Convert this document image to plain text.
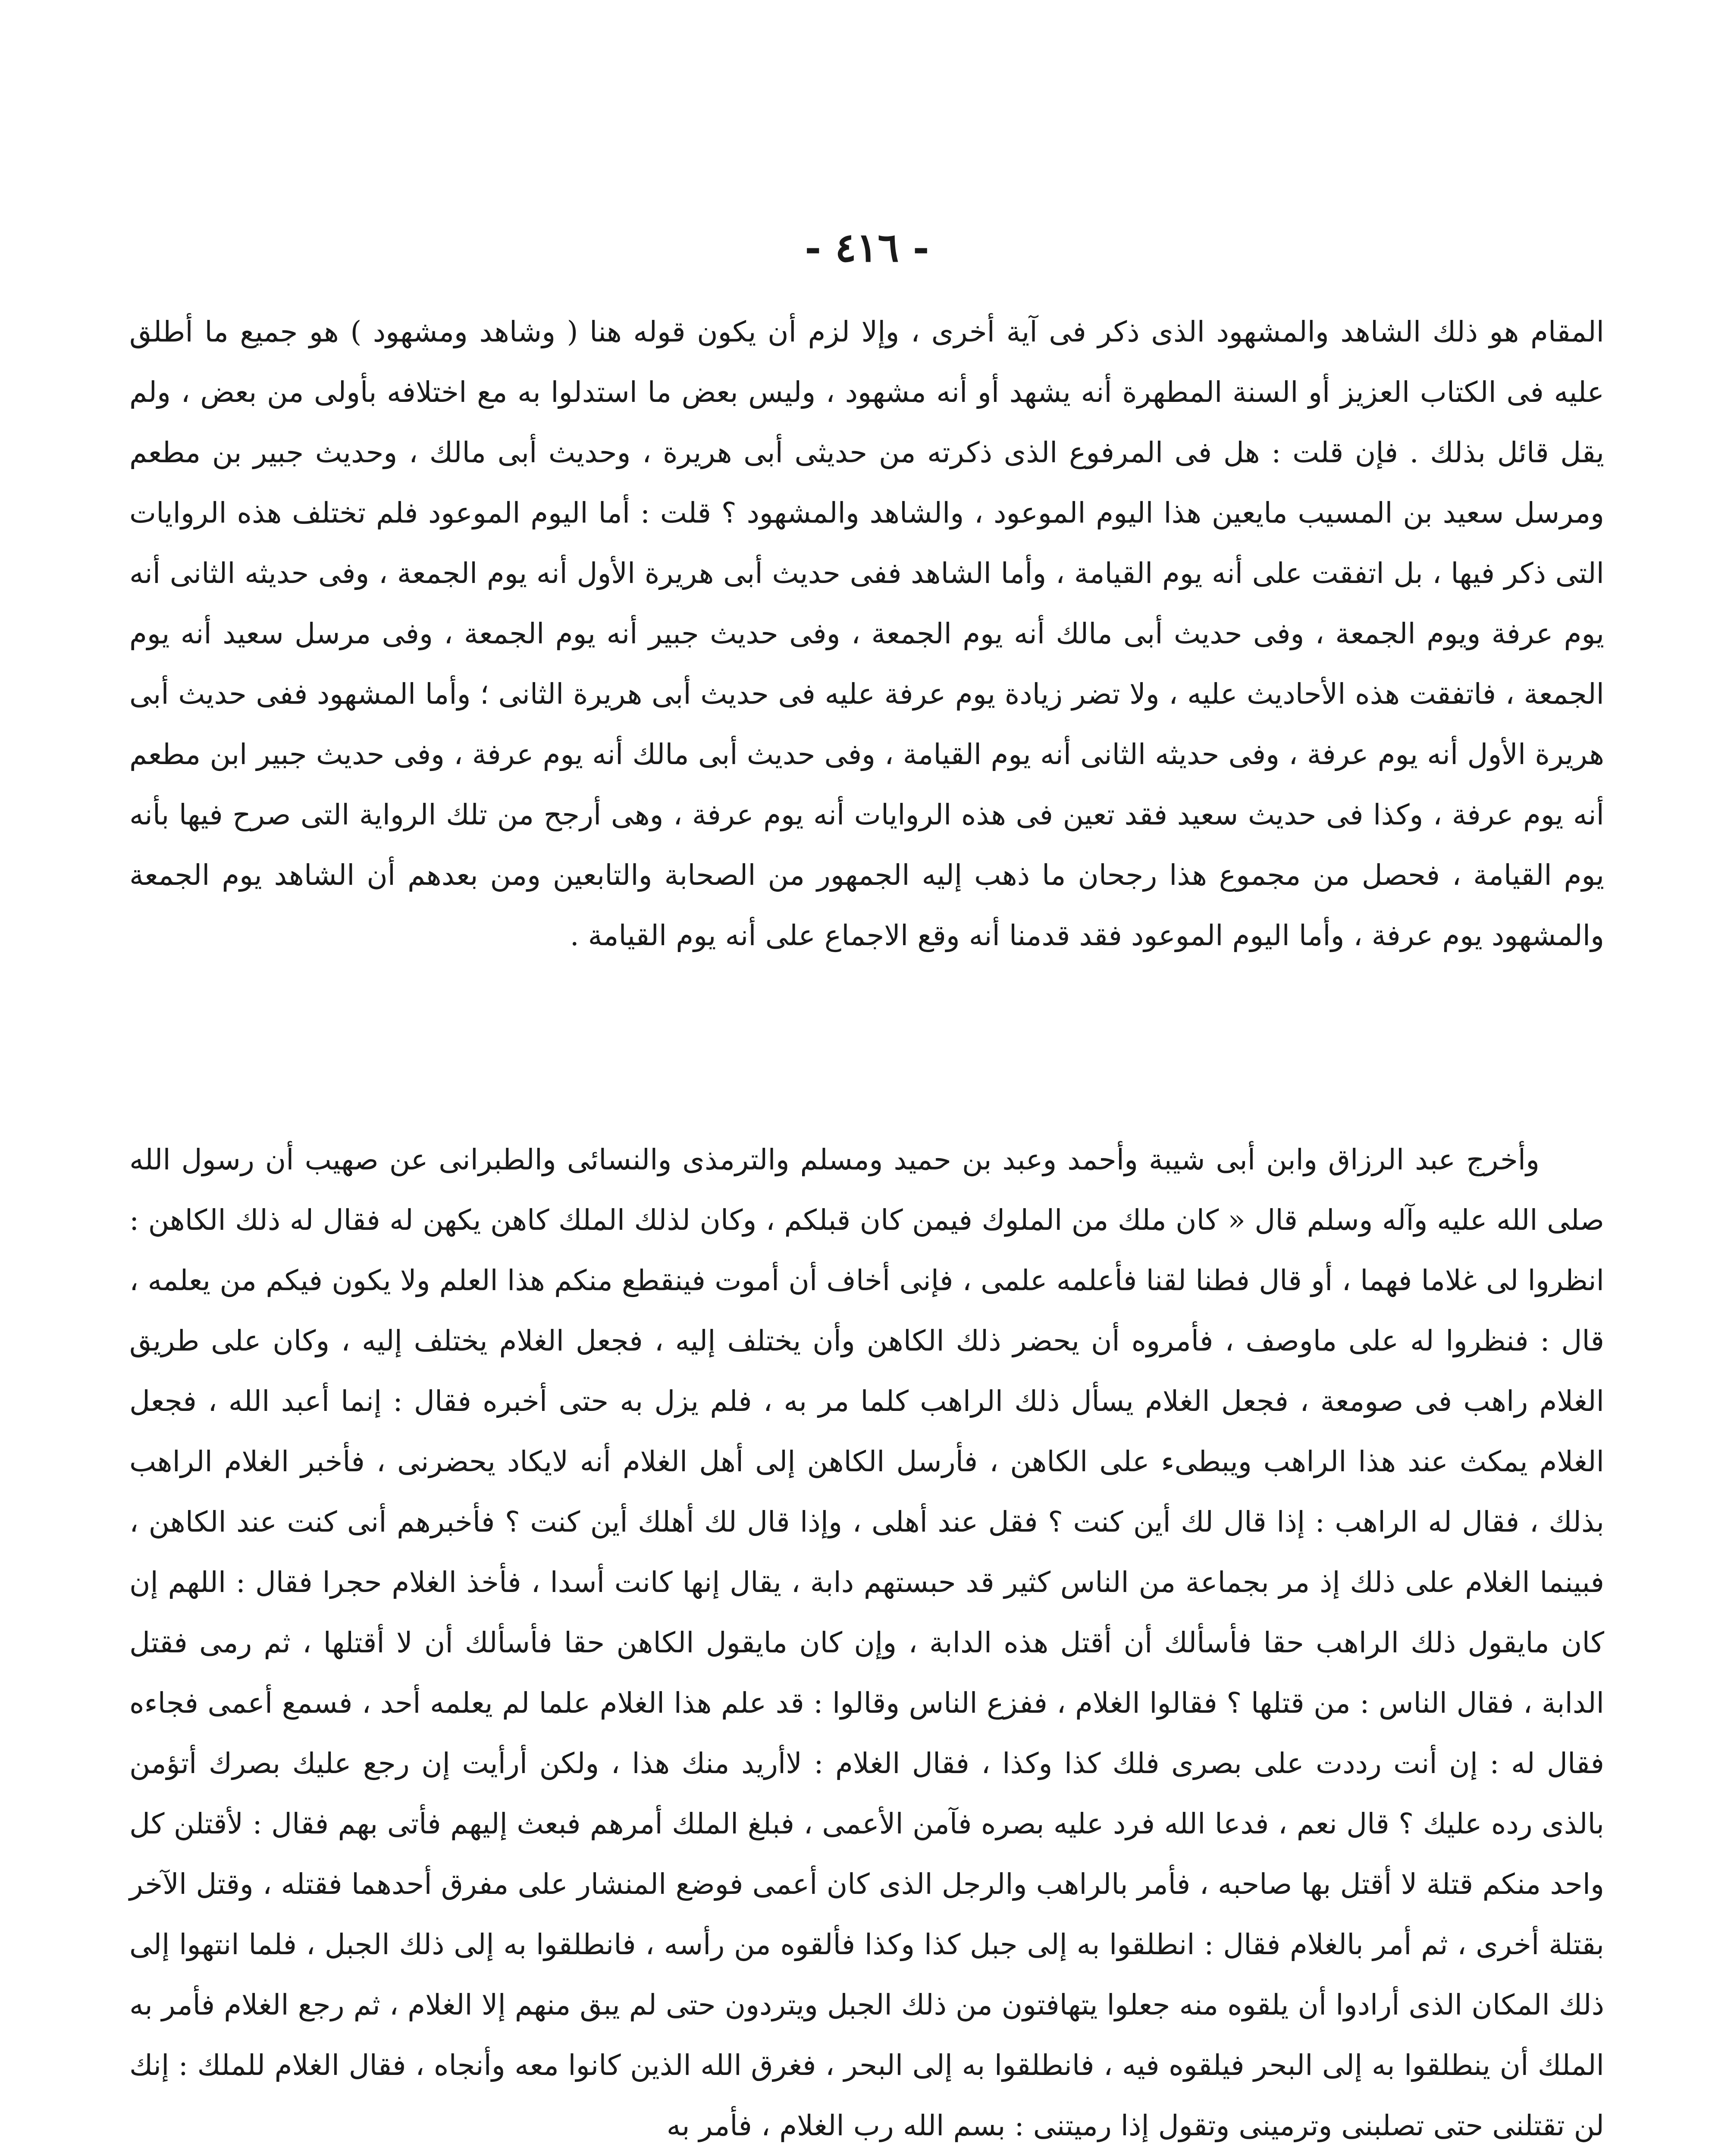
- ٤١٦ -

المقام هو ذلك الشاهد والمشهود الذى ذكر فى آية أخرى ، وإلا لزم أن يكون قوله هنا ( وشاهد ومشهود ) هو جميع ما أطلق عليه فى الكتاب العزيز أو السنة المطهرة أنه يشهد أو أنه مشهود ، وليس بعض ما استدلوا به مع اختلافه بأولى من بعض ، ولم يقل قائل بذلك . فإن قلت : هل فى المرفوع الذى ذكرته من حديثى أبى هريرة ، وحديث أبى مالك ، وحديث جبير بن مطعم ومرسل سعيد بن المسيب مايعين هذا اليوم الموعود ، والشاهد والمشهود ؟ قلت : أما اليوم الموعود فلم تختلف هذه الروايات التى ذكر فيها ، بل اتفقت على أنه يوم القيامة ، وأما الشاهد ففى حديث أبى هريرة الأول أنه يوم الجمعة ، وفى حديثه الثانى أنه يوم عرفة ويوم الجمعة ، وفى حديث أبى مالك أنه يوم الجمعة ، وفى حديث جبير أنه يوم الجمعة ، وفى مرسل سعيد أنه يوم الجمعة ، فاتفقت هذه الأحاديث عليه ، ولا تضر زيادة يوم عرفة عليه فى حديث أبى هريرة الثانى ؛ وأما المشهود ففى حديث أبى هريرة الأول أنه يوم عرفة ، وفى حديثه الثانى أنه يوم القيامة ، وفى حديث أبى مالك أنه يوم عرفة ، وفى حديث جبير ابن مطعم أنه يوم عرفة ، وكذا فى حديث سعيد فقد تعين فى هذه الروايات أنه يوم عرفة ، وهى أرجح من تلك الرواية التى صرح فيها بأنه يوم القيامة ، فحصل من مجموع هذا رجحان ما ذهب إليه الجمهور من الصحابة والتابعين ومن بعدهم أن الشاهد يوم الجمعة والمشهود يوم عرفة ، وأما اليوم الموعود فقد قدمنا أنه وقع الاجماع على أنه يوم القيامة .

وأخرج عبد الرزاق وابن أبى شيبة وأحمد وعبد بن حميد ومسلم والترمذى والنسائى والطبرانى عن صهيب أن رسول الله صلى الله عليه وآله وسلم قال « كان ملك من الملوك فيمن كان قبلكم ، وكان لذلك الملك كاهن يكهن له فقال له ذلك الكاهن : انظروا لى غلاما فهما ، أو قال فطنا لقنا فأعلمه علمى ، فإنى أخاف أن أموت فينقطع منكم هذا العلم ولا يكون فيكم من يعلمه ، قال : فنظروا له على ماوصف ، فأمروه أن يحضر ذلك الكاهن وأن يختلف إليه ، فجعل الغلام يختلف إليه ، وكان على طريق الغلام راهب فى صومعة ، فجعل الغلام يسأل ذلك الراهب كلما مر به ، فلم يزل به حتى أخبره فقال : إنما أعبد الله ، فجعل الغلام يمكث عند هذا الراهب ويبطىء على الكاهن ، فأرسل الكاهن إلى أهل الغلام أنه لايكاد يحضرنى ، فأخبر الغلام الراهب بذلك ، فقال له الراهب : إذا قال لك أين كنت ؟ فقل عند أهلى ، وإذا قال لك أهلك أين كنت ؟ فأخبرهم أنى كنت عند الكاهن ، فبينما الغلام على ذلك إذ مر بجماعة من الناس كثير قد حبستهم دابة ، يقال إنها كانت أسدا ، فأخذ الغلام حجرا فقال : اللهم إن كان مايقول ذلك الراهب حقا فأسألك أن أقتل هذه الدابة ، وإن كان مايقول الكاهن حقا فأسألك أن لا أقتلها ، ثم رمى فقتل الدابة ، فقال الناس : من قتلها ؟ فقالوا الغلام ، ففزع الناس وقالوا : قد علم هذا الغلام علما لم يعلمه أحد ، فسمع أعمى فجاءه فقال له : إن أنت رددت على بصرى فلك كذا وكذا ، فقال الغلام : لاأريد منك هذا ، ولكن أرأيت إن رجع عليك بصرك أتؤمن بالذى رده عليك ؟ قال نعم ، فدعا الله فرد عليه بصره فآمن الأعمى ، فبلغ الملك أمرهم فبعث إليهم فأتى بهم فقال : لأقتلن كل واحد منكم قتلة لا أقتل بها صاحبه ، فأمر بالراهب والرجل الذى كان أعمى فوضع المنشار على مفرق أحدهما فقتله ، وقتل الآخر بقتلة أخرى ، ثم أمر بالغلام فقال : انطلقوا به إلى جبل كذا وكذا فألقوه من رأسه ، فانطلقوا به إلى ذلك الجبل ، فلما انتهوا إلى ذلك المكان الذى أرادوا أن يلقوه منه جعلوا يتهافتون من ذلك الجبل ويتردون حتى لم يبق منهم إلا الغلام ، ثم رجع الغلام فأمر به الملك أن ينطلقوا به إلى البحر فيلقوه فيه ، فانطلقوا به إلى البحر ، فغرق الله الذين كانوا معه وأنجاه ، فقال الغلام للملك : إنك لن تقتلنى حتى تصلبنى وترمينى وتقول إذا رميتنى : بسم الله رب الغلام ، فأمر به
